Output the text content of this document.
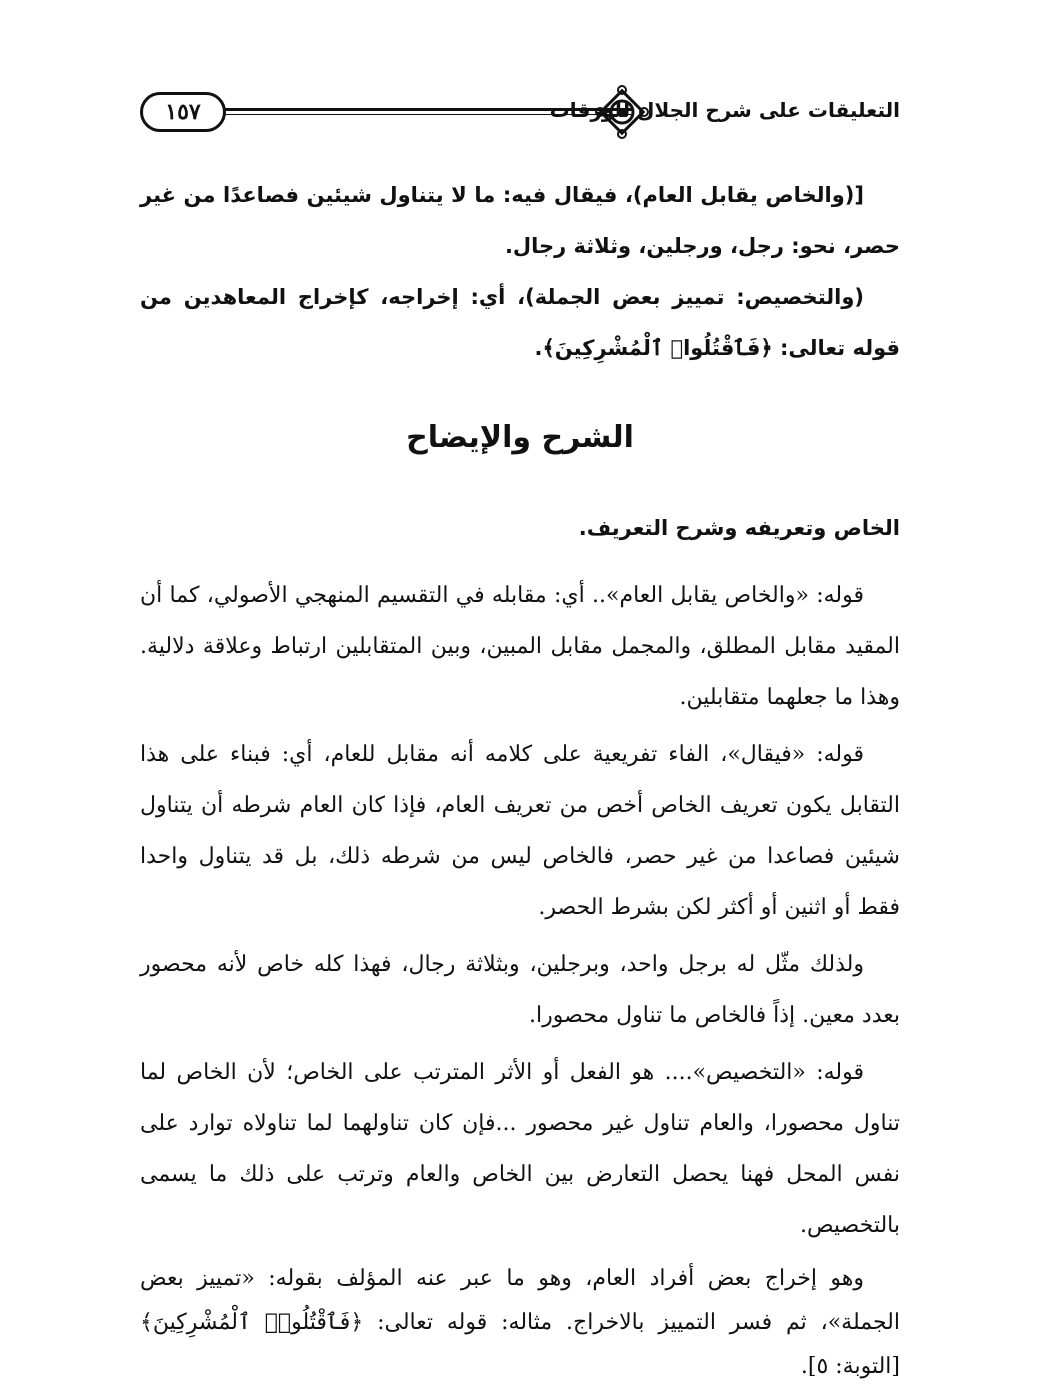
١٥٧	التعليقات على شرح الجلال للورقات

[(والخاص يقابل العام)، فيقال فيه: ما لا يتناول شيئين فصاعدًا من غير حصر، نحو: رجل، ورجلين، وثلاثة رجال.

(والتخصيص: تمييز بعض الجملة)، أي: إخراجه، كإخراج المعاهدين من قوله تعالى: ﴿فَٱقْتُلُوا۟ ٱلْمُشْرِكِينَ﴾.

الشرح والإيضاح
الخاص وتعريفه وشرح التعريف.

قوله: «والخاص يقابل العام».. أي: مقابله في التقسيم المنهجي الأصولي، كما أن المقيد مقابل المطلق، والمجمل مقابل المبين، وبين المتقابلين ارتباط وعلاقة دلالية. وهذا ما جعلهما متقابلين.

قوله: «فيقال»، الفاء تفريعية على كلامه أنه مقابل للعام، أي: فبناء على هذا التقابل يكون تعريف الخاص أخص من تعريف العام، فإذا كان العام شرطه أن يتناول شيئين فصاعدا من غير حصر، فالخاص ليس من شرطه ذلك، بل قد يتناول واحدا فقط أو اثنين أو أكثر لكن بشرط الحصر.

ولذلك مثّل له برجل واحد، وبرجلين، وبثلاثة رجال، فهذا كله خاص لأنه محصور بعدد معين. إذاً فالخاص ما تناول محصورا.

قوله: «التخصيص».... هو الفعل أو الأثر المترتب على الخاص؛ لأن الخاص لما تناول محصورا، والعام تناول غير محصور ...فإن كان تناولهما لما تناولاه توارد على نفس المحل فهنا يحصل التعارض بين الخاص والعام وترتب على ذلك ما يسمى بالتخصيص.

وهو إخراج بعض أفراد العام، وهو ما عبر عنه المؤلف بقوله: «تمييز بعض الجملة»، ثم فسر التمييز بالاخراج. مثاله: قوله تعالى: ﴿فَٱقْتُلُوا۟ ٱلْمُشْرِكِينَ﴾ [التوبة: ٥].
